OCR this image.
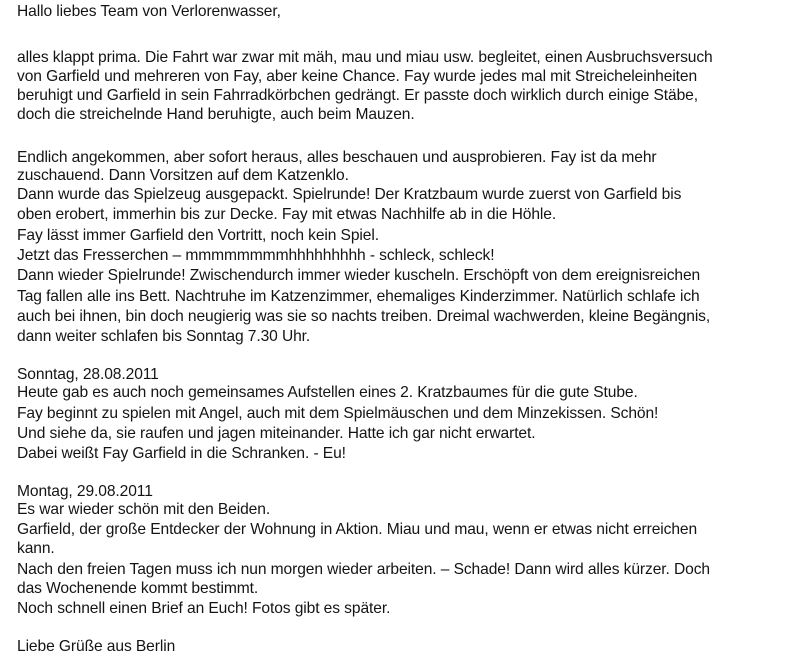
Hallo liebes Team von Verlorenwasser,
alles klappt prima. Die Fahrt war zwar mit mäh, mau und miau usw. begleitet, einen Ausbruchsversuch
von Garfield und mehreren von Fay, aber keine Chance. Fay wurde jedes mal mit Streicheleinheiten
beruhigt und Garfield in sein Fahrradkörbchen gedrängt. Er passte doch wirklich durch einige Stäbe,
doch die streichelnde Hand beruhigte, auch beim Mauzen.
Endlich angekommen, aber sofort heraus, alles beschauen und ausprobieren. Fay ist da mehr
zuschauend. Dann Vorsitzen auf dem Katzenklo.
Dann wurde das Spielzeug ausgepackt. Spielrunde! Der Kratzbaum wurde zuerst von Garfield bis
oben erobert, immerhin bis zur Decke. Fay mit etwas Nachhilfe ab in die Höhle.
Fay lässt immer Garfield den Vortritt, noch kein Spiel.
Jetzt das Fresserchen – mmmmmmmmhhhhhhhhh - schleck, schleck!
Dann wieder Spielrunde! Zwischendurch immer wieder kuscheln. Erschöpft von dem ereignisreichen
Tag fallen alle ins Bett. Nachtruhe im Katzenzimmer, ehemaliges Kinderzimmer. Natürlich schlafe ich
auch bei ihnen, bin doch neugierig was sie so nachts treiben. Dreimal wachwerden, kleine Begängnis,
dann weiter schlafen bis Sonntag 7.30 Uhr.
Sonntag, 28.08.2011
Heute gab es auch noch gemeinsames Aufstellen eines 2. Kratzbaumes für die gute Stube.
Fay beginnt zu spielen mit Angel, auch mit dem Spielmäuschen und dem Minzekissen. Schön!
Und siehe da, sie raufen und jagen miteinander. Hatte ich gar nicht erwartet.
Dabei weißt Fay Garfield in die Schranken. - Eu!
Montag, 29.08.2011
Es war wieder schön mit den Beiden.
Garfield, der große Entdecker der Wohnung in Aktion. Miau und mau, wenn er etwas nicht erreichen
kann.
Nach den freien Tagen muss ich nun morgen wieder arbeiten. – Schade! Dann wird alles kürzer. Doch
das Wochenende kommt bestimmt.
Noch schnell einen Brief an Euch! Fotos gibt es später.
Liebe Grüße aus Berlin
